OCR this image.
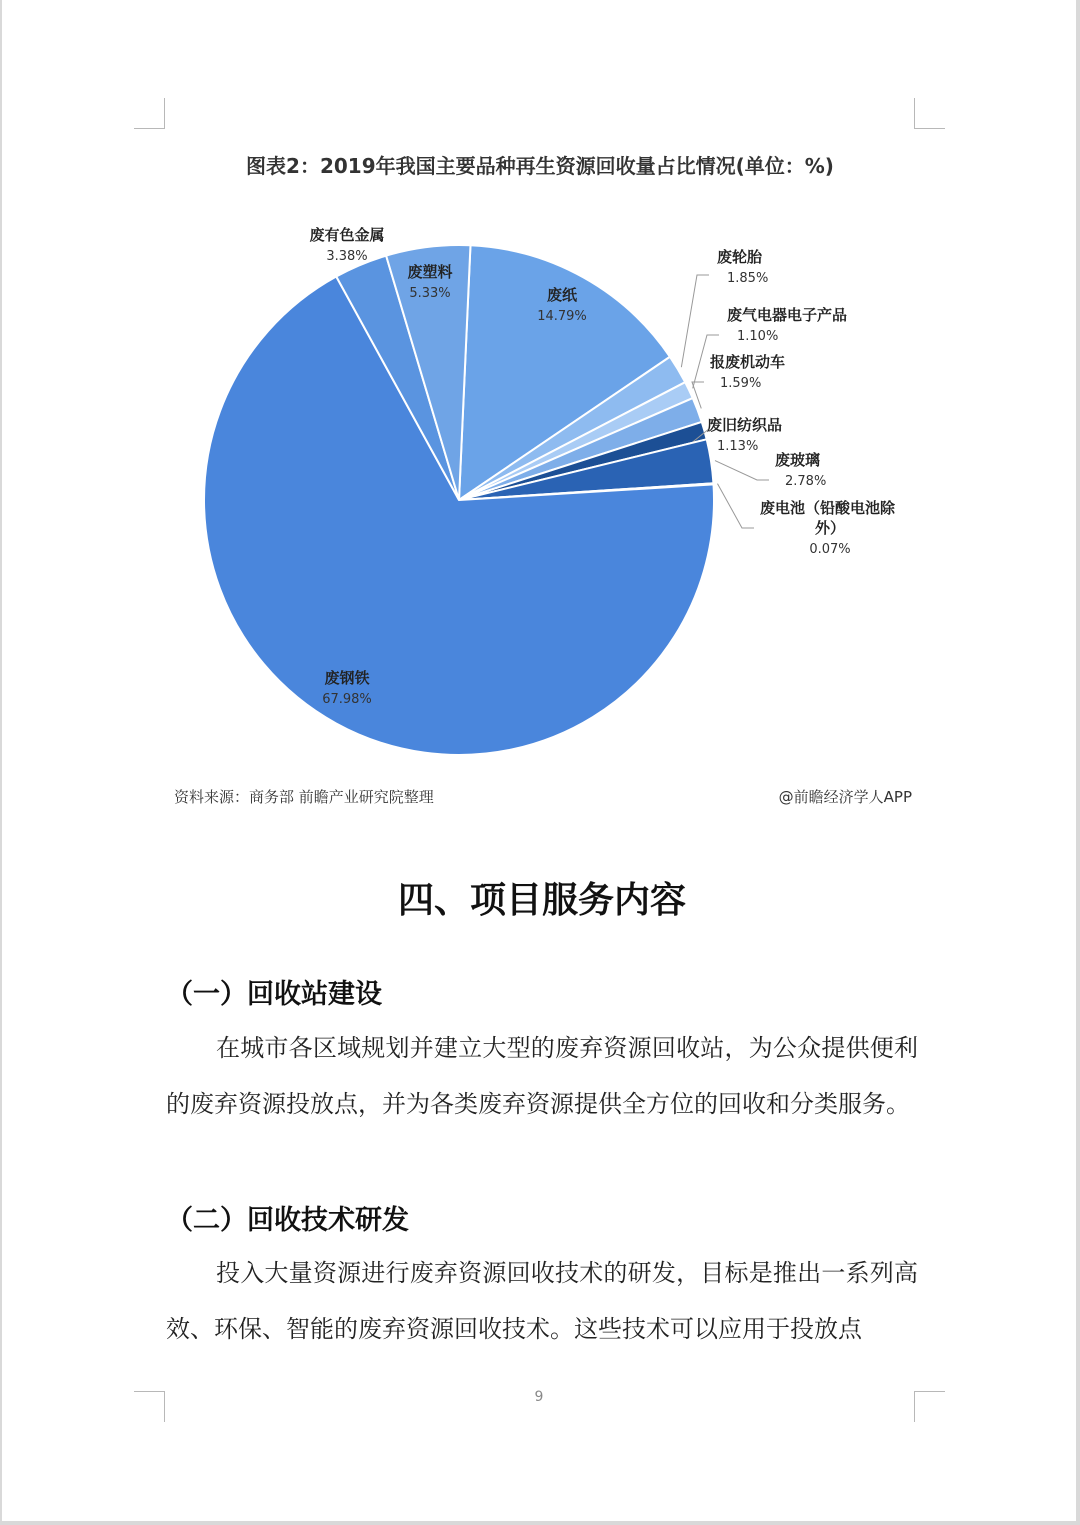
图表2：2019年我国主要品种再生资源回收量占比情况(单位：%)
废纸
14.79%
废轮胎
1.85%
废气电器电子产品
1.10%
报废机动车
1.59%
废旧纺织品
1.13%
废玻璃
2.78%
废电池（铅酸电池除外）
0.07%
废钢铁
67.98%
废有色金属
3.38%
废塑料
5.33%
资料来源：商务部 前瞻产业研究院整理	@前瞻经济学人APP
四、项目服务内容
（一）回收站建设
在城市各区域规划并建立大型的废弃资源回收站，为公众提供便利的废弃资源投放点，并为各类废弃资源提供全方位的回收和分类服务。
（二）回收技术研发
投入大量资源进行废弃资源回收技术的研发，目标是推出一系列高效、环保、智能的废弃资源回收技术。这些技术可以应用于投放点
9
